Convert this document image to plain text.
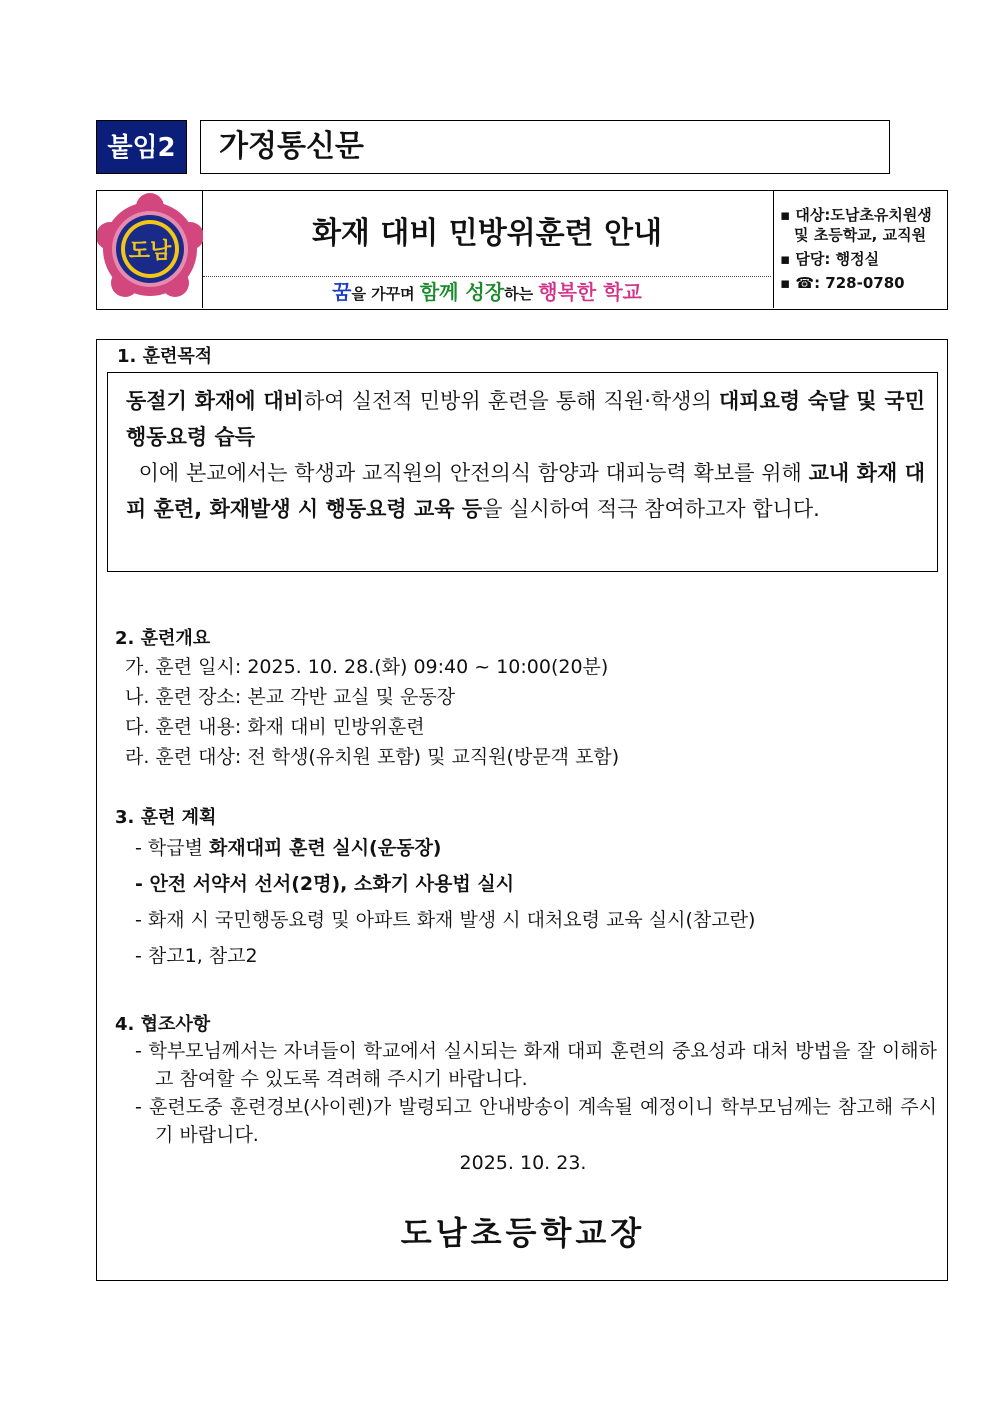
붙임2	가정통신문
도남
화재 대비 민방위훈련 안내
꿈을 가꾸며 함께 성장하는 행복한 학교
▪ 대상:도남초유치원생
및 초등학교, 교직원
▪ 담당: 행정실
▪ ☎: 728-0780
1. 훈련목적

동절기 화재에 대비하여 실전적 민방위 훈련을 통해 직원·학생의 대피요령 숙달 및 국민행동요령 습득

이에 본교에서는 학생과 교직원의 안전의식 함양과 대피능력 확보를 위해 교내 화재 대피 훈련, 화재발생 시 행동요령 교육 등을 실시하여 적극 참여하고자 합니다.

2. 훈련개요
가. 훈련 일시: 2025. 10. 28.(화) 09:40 ~ 10:00(20분)
나. 훈련 장소: 본교 각반 교실 및 운동장
다. 훈련 내용: 화재 대비 민방위훈련
라. 훈련 대상: 전 학생(유치원 포함) 및 교직원(방문객 포함)
3. 훈련 계획
- 학급별 화재대피 훈련 실시(운동장)
- 안전 서약서 선서(2명), 소화기 사용법 실시
- 화재 시 국민행동요령 및 아파트 화재 발생 시 대처요령 교육 실시(참고란)
- 참고1, 참고2
4. 협조사항
- 학부모님께서는 자녀들이 학교에서 실시되는 화재 대피 훈련의 중요성과 대처 방법을 잘 이해하고 참여할 수 있도록 격려해 주시기 바랍니다.
- 훈련도중 훈련경보(사이렌)가 발령되고 안내방송이 계속될 예정이니 학부모님께는 참고해 주시기 바랍니다.
2025. 10. 23.
도남초등학교장
